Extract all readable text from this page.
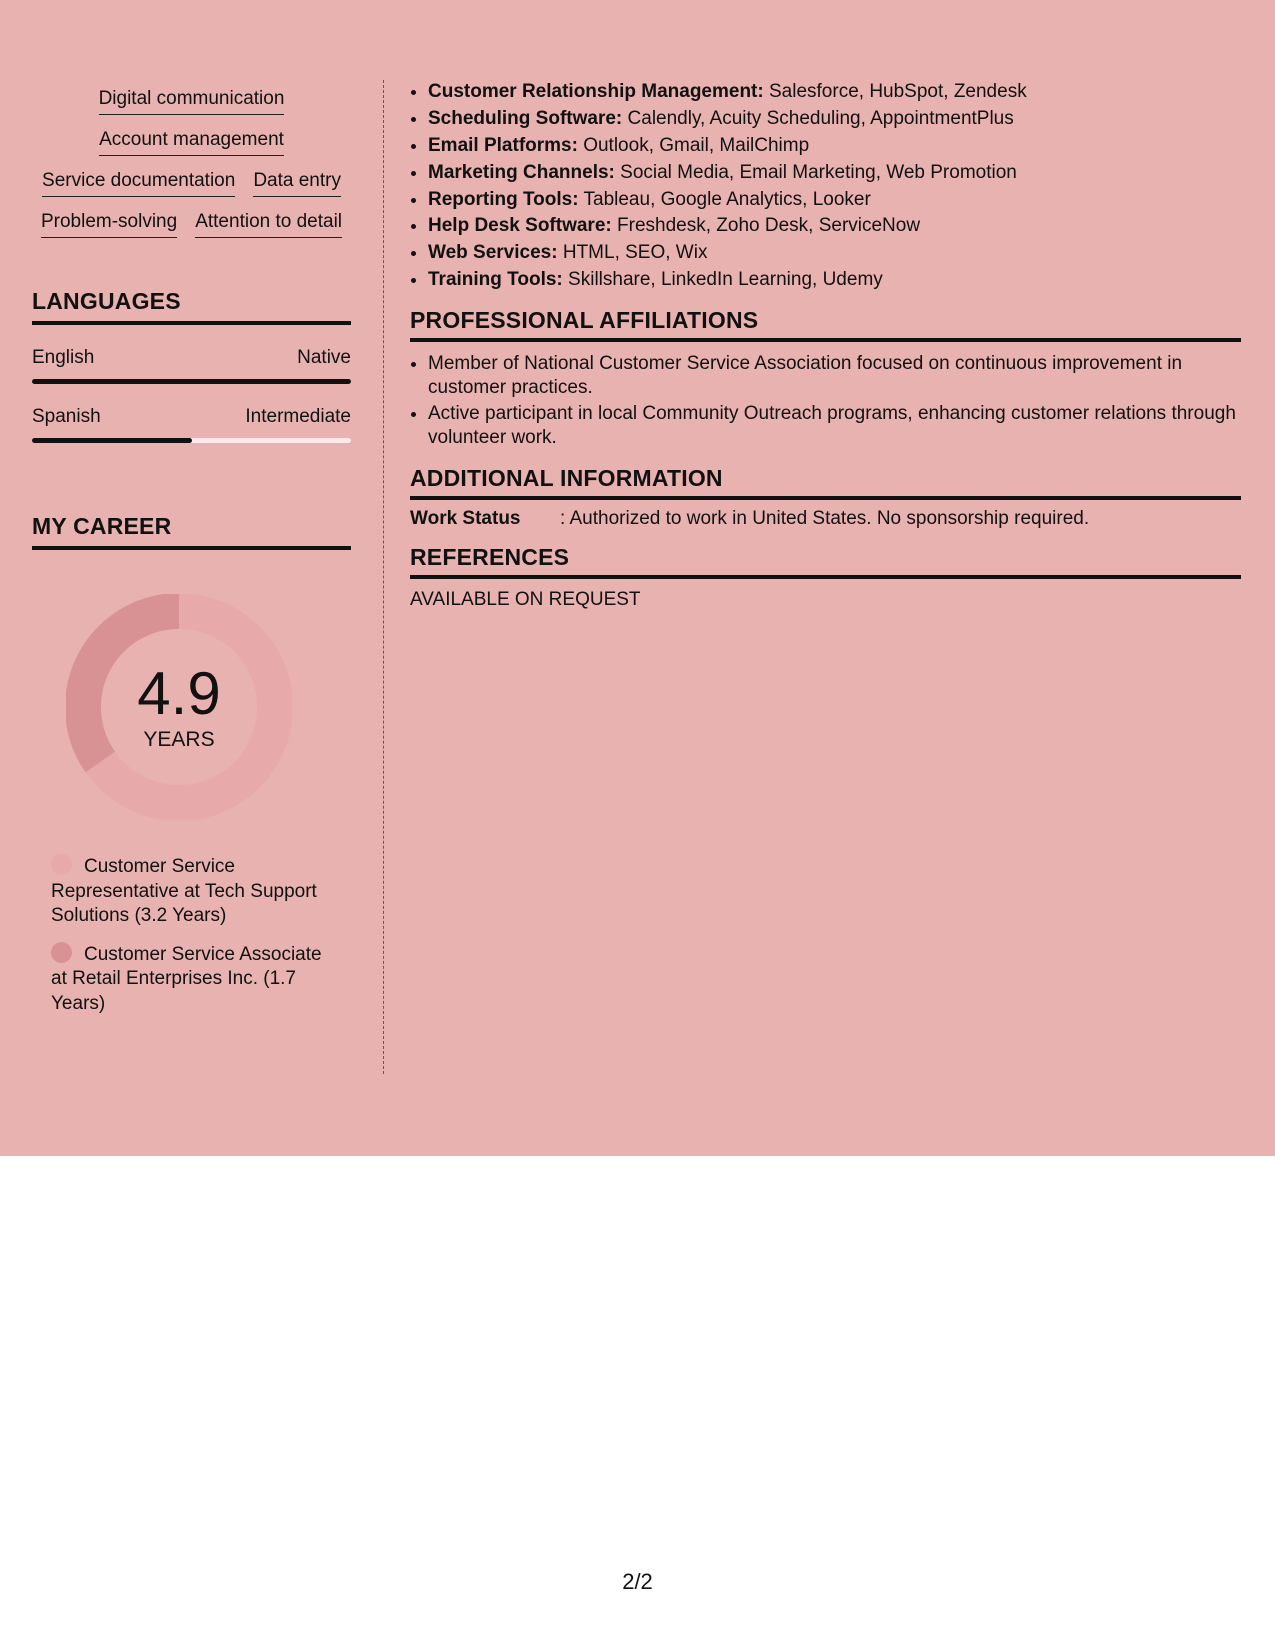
Digital communication
Account management
Service documentation Data entry
Problem-solving Attention to detail
LANGUAGES
English	Native
Spanish	Intermediate
MY CAREER
4.9
YEARS
Customer Service Representative at Tech Support Solutions (3.2 Years)
Customer Service Associate at Retail Enterprises Inc. (1.7 Years)
• Customer Relationship Management: Salesforce, HubSpot, Zendesk
• Scheduling Software: Calendly, Acuity Scheduling, AppointmentPlus
• Email Platforms: Outlook, Gmail, MailChimp
• Marketing Channels: Social Media, Email Marketing, Web Promotion
• Reporting Tools: Tableau, Google Analytics, Looker
• Help Desk Software: Freshdesk, Zoho Desk, ServiceNow
• Web Services: HTML, SEO, Wix
• Training Tools: Skillshare, LinkedIn Learning, Udemy
PROFESSIONAL AFFILIATIONS
• Member of National Customer Service Association focused on continuous improvement in customer practices.
• Active participant in local Community Outreach programs, enhancing customer relations through volunteer work.
ADDITIONAL INFORMATION
Work Status	: Authorized to work in United States. No sponsorship required.
REFERENCES
AVAILABLE ON REQUEST
2/2
